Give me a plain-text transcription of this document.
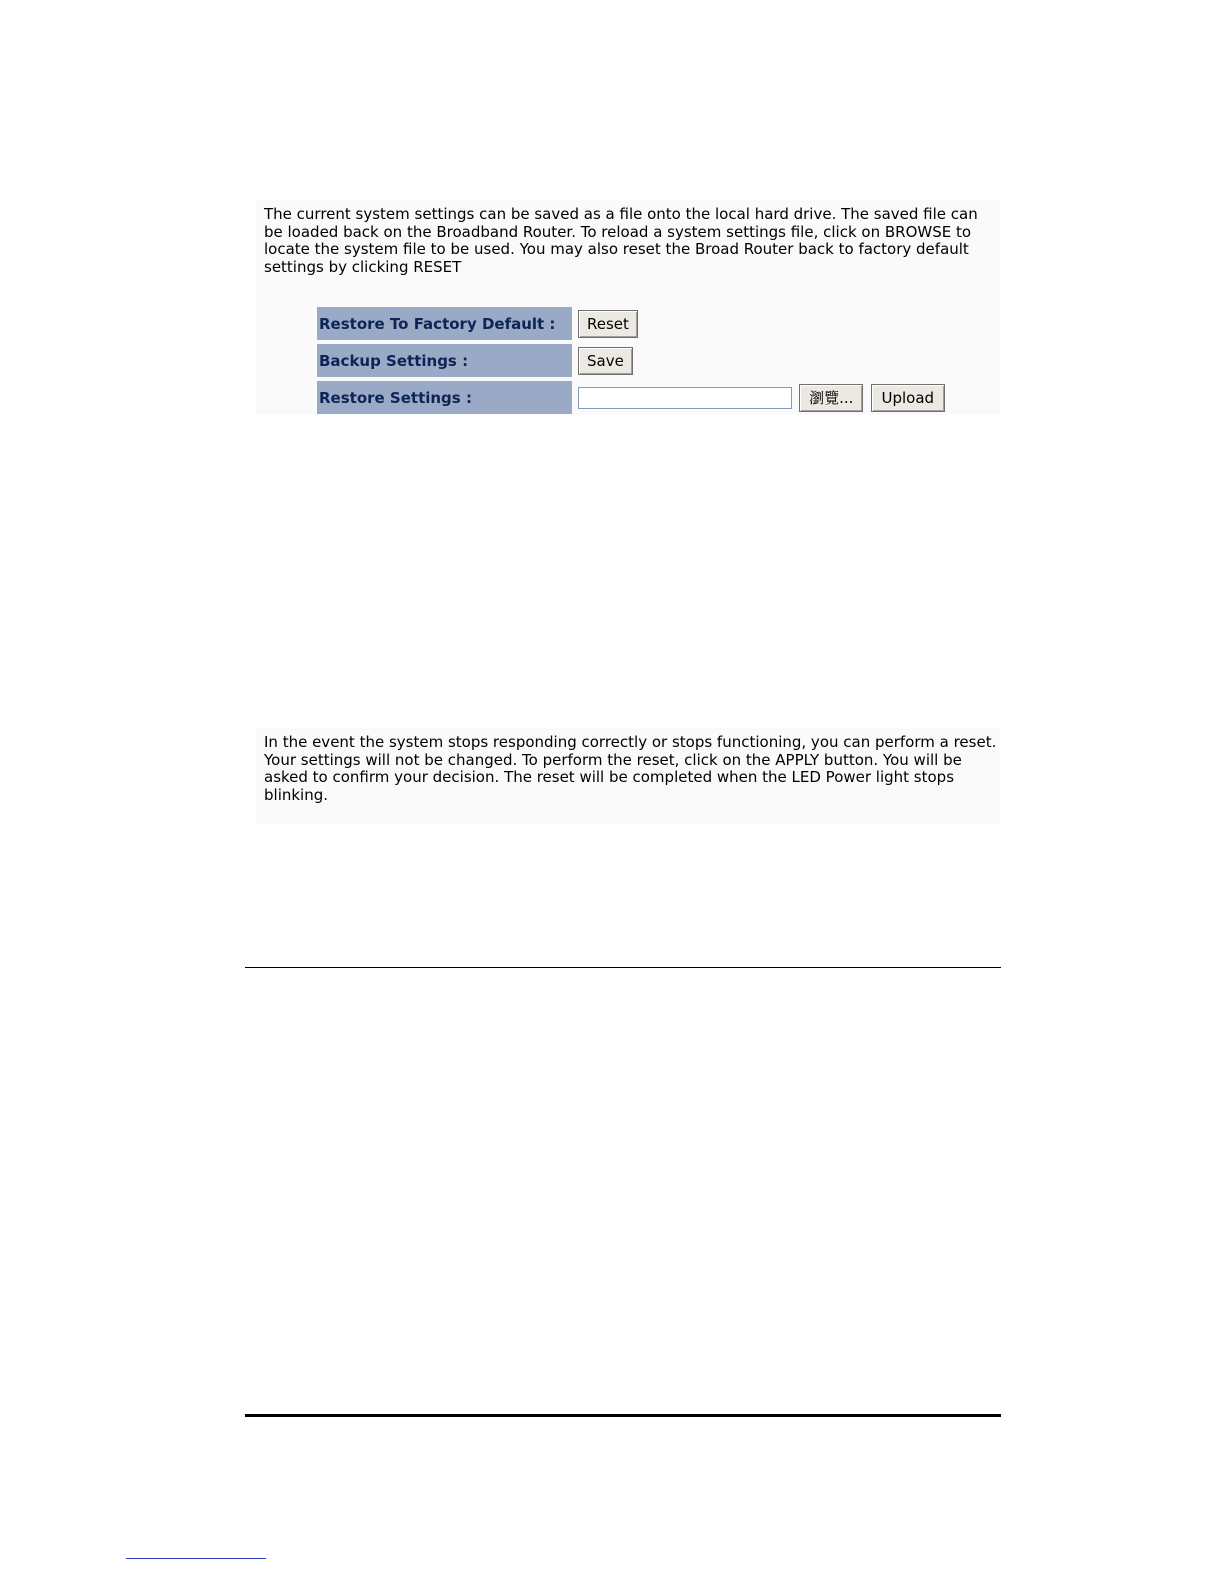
The current system settings can be saved as a file onto the local hard drive. The saved file can be loaded back on the Broadband Router. To reload a system settings file, click on BROWSE to locate the system file to be used. You may also reset the Broad Router back to factory default settings by clicking RESET

Restore To Factory Default :	Reset
Backup Settings :	Save
Restore Settings :	瀏覽... Upload

In the event the system stops responding correctly or stops functioning, you can perform a reset. Your settings will not be changed. To perform the reset, click on the APPLY button. You will be asked to confirm your decision. The reset will be completed when the LED Power light stops blinking.
